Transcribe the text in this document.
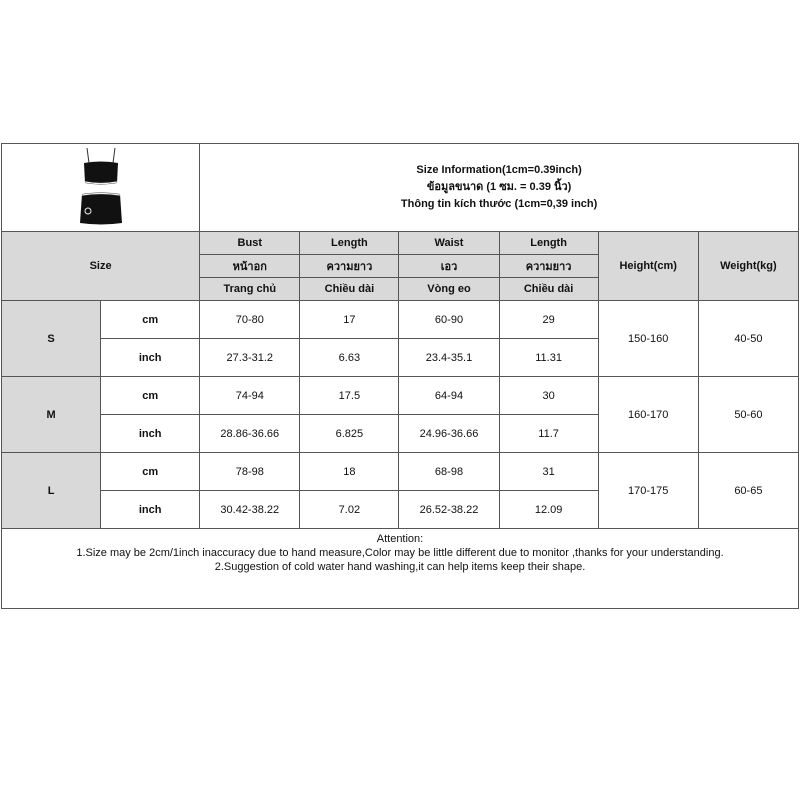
Size Information(1cm=0.39inch)
ข้อมูลขนาด (1 ซม. = 0.39 นิ้ว)
Thông tin kích thước (1cm=0,39 inch)					

Size		Bust	Length	Waist	Length	Height(cm)	Weight(kg)
		หน้าอก	ความยาว	เอว	ความยาว		
		Trang chủ	Chiều dài	Vòng eo	Chiều dài		
S	cm	70-80	17	60-90	29	150-160	40-50
	inch	27.3-31.2	6.63	23.4-35.1	11.31		
M	cm	74-94	17.5	64-94	30	160-170	50-60
	inch	28.86-36.66	6.825	24.96-36.66	11.7		
L	cm	78-98	18	68-98	31	170-175	60-65
	inch	30.42-38.22	7.02	26.52-38.22	12.09		

Attention:
1.Size may be 2cm/1inch inaccuracy due to hand measure,Color may be little different due to monitor ,thanks for your understanding.
2.Suggestion of cold water hand washing,it can help items keep their shape.							
